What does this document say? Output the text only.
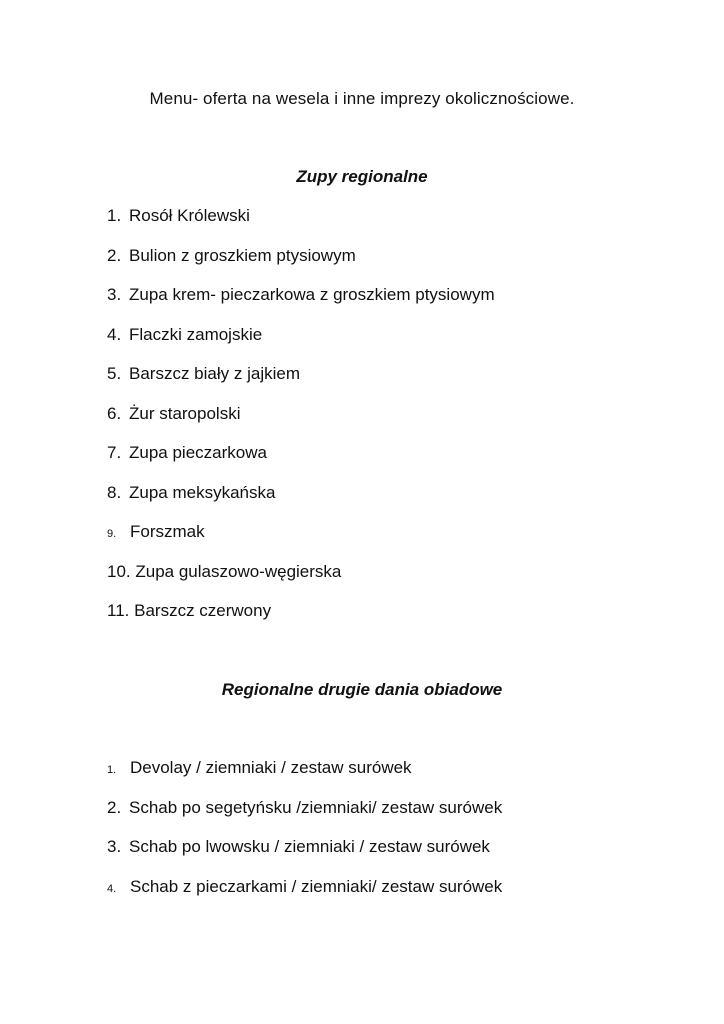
Menu- oferta na wesela i inne imprezy okolicznościowe.
Zupy regionalne
1. Rosół Królewski
2. Bulion z groszkiem ptysiowym
3. Zupa krem- pieczarkowa z groszkiem ptysiowym
4. Flaczki zamojskie
5. Barszcz biały z jajkiem
6. Żur staropolski
7. Zupa pieczarkowa
8. Zupa meksykańska
9. Forszmak
10. Zupa gulaszowo-węgierska
11. Barszcz czerwony
Regionalne drugie dania obiadowe
1. Devolay / ziemniaki / zestaw surówek
2. Schab po segetyńsku /ziemniaki/ zestaw surówek
3. Schab po lwowsku / ziemniaki / zestaw surówek
4. Schab z pieczarkami / ziemniaki/ zestaw surówek
